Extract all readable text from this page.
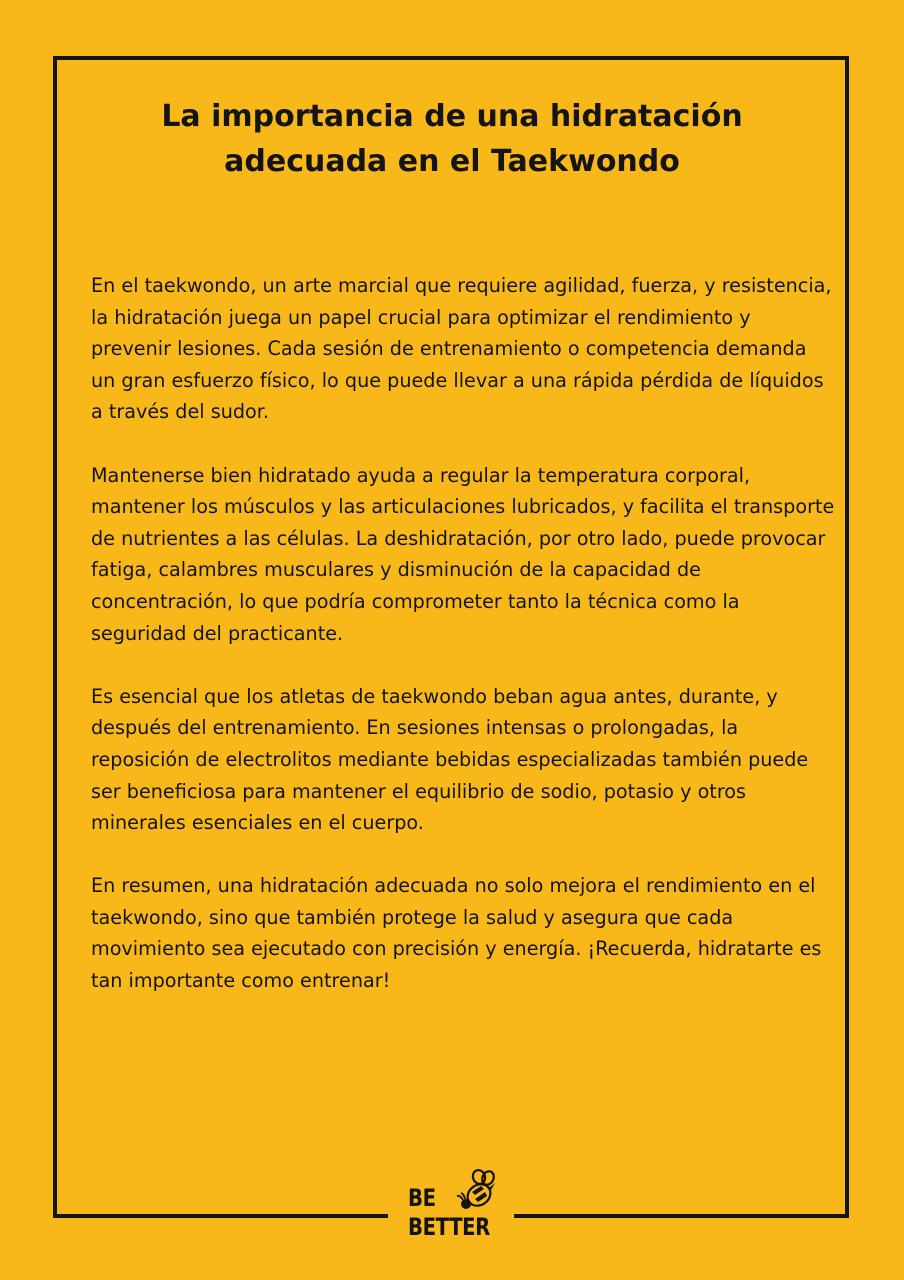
La importancia de una hidratación
adecuada en el Taekwondo

En el taekwondo, un arte marcial que requiere agilidad, fuerza, y resistencia, la hidratación juega un papel crucial para optimizar el rendimiento y prevenir lesiones. Cada sesión de entrenamiento o competencia demanda un gran esfuerzo físico, lo que puede llevar a una rápida pérdida de líquidos a través del sudor.

Mantenerse bien hidratado ayuda a regular la temperatura corporal, mantener los músculos y las articulaciones lubricados, y facilita el transporte de nutrientes a las células. La deshidratación, por otro lado, puede provocar fatiga, calambres musculares y disminución de la capacidad de concentración, lo que podría comprometer tanto la técnica como la seguridad del practicante.

Es esencial que los atletas de taekwondo beban agua antes, durante, y después del entrenamiento. En sesiones intensas o prolongadas, la reposición de electrolitos mediante bebidas especializadas también puede ser beneficiosa para mantener el equilibrio de sodio, potasio y otros minerales esenciales en el cuerpo.

En resumen, una hidratación adecuada no solo mejora el rendimiento en el taekwondo, sino que también protege la salud y asegura que cada movimiento sea ejecutado con precisión y energía. ¡Recuerda, hidratarte es tan importante como entrenar!

BE
BETTER
